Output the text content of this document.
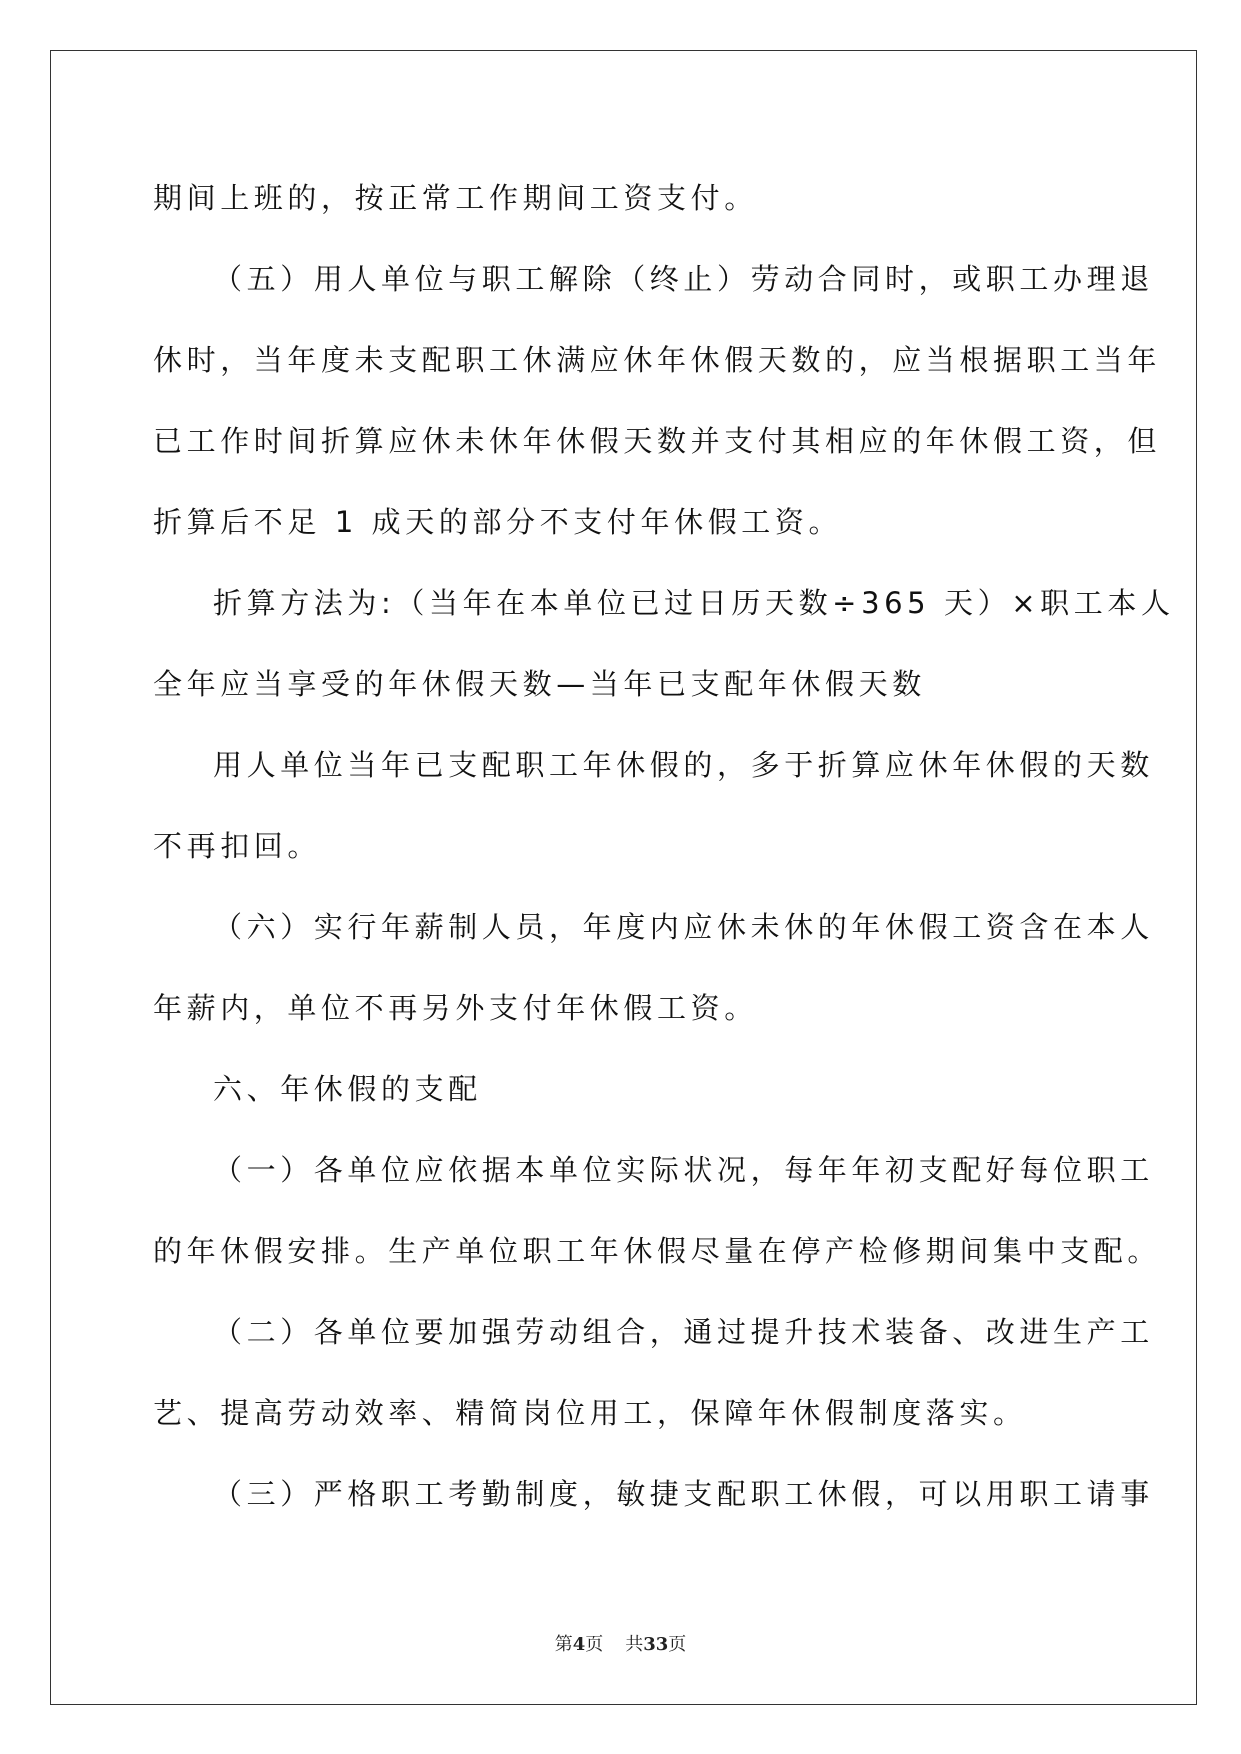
期间上班的，按正常工作期间工资支付。
（五）用人单位与职工解除（终止）劳动合同时，或职工办理退
休时，当年度未支配职工休满应休年休假天数的，应当根据职工当年
已工作时间折算应休未休年休假天数并支付其相应的年休假工资，但
折算后不足 1 成天的部分不支付年休假工资。
折算方法为:（当年在本单位已过日历天数÷365 天）×职工本人
全年应当享受的年休假天数—当年已支配年休假天数
用人单位当年已支配职工年休假的，多于折算应休年休假的天数
不再扣回。
（六）实行年薪制人员，年度内应休未休的年休假工资含在本人
年薪内，单位不再另外支付年休假工资。
六、年休假的支配
（一）各单位应依据本单位实际状况，每年年初支配好每位职工
的年休假安排。生产单位职工年休假尽量在停产检修期间集中支配。
（二）各单位要加强劳动组合，通过提升技术装备、改进生产工
艺、提高劳动效率、精简岗位用工，保障年休假制度落实。
（三）严格职工考勤制度，敏捷支配职工休假，可以用职工请事
第4页 共33页
